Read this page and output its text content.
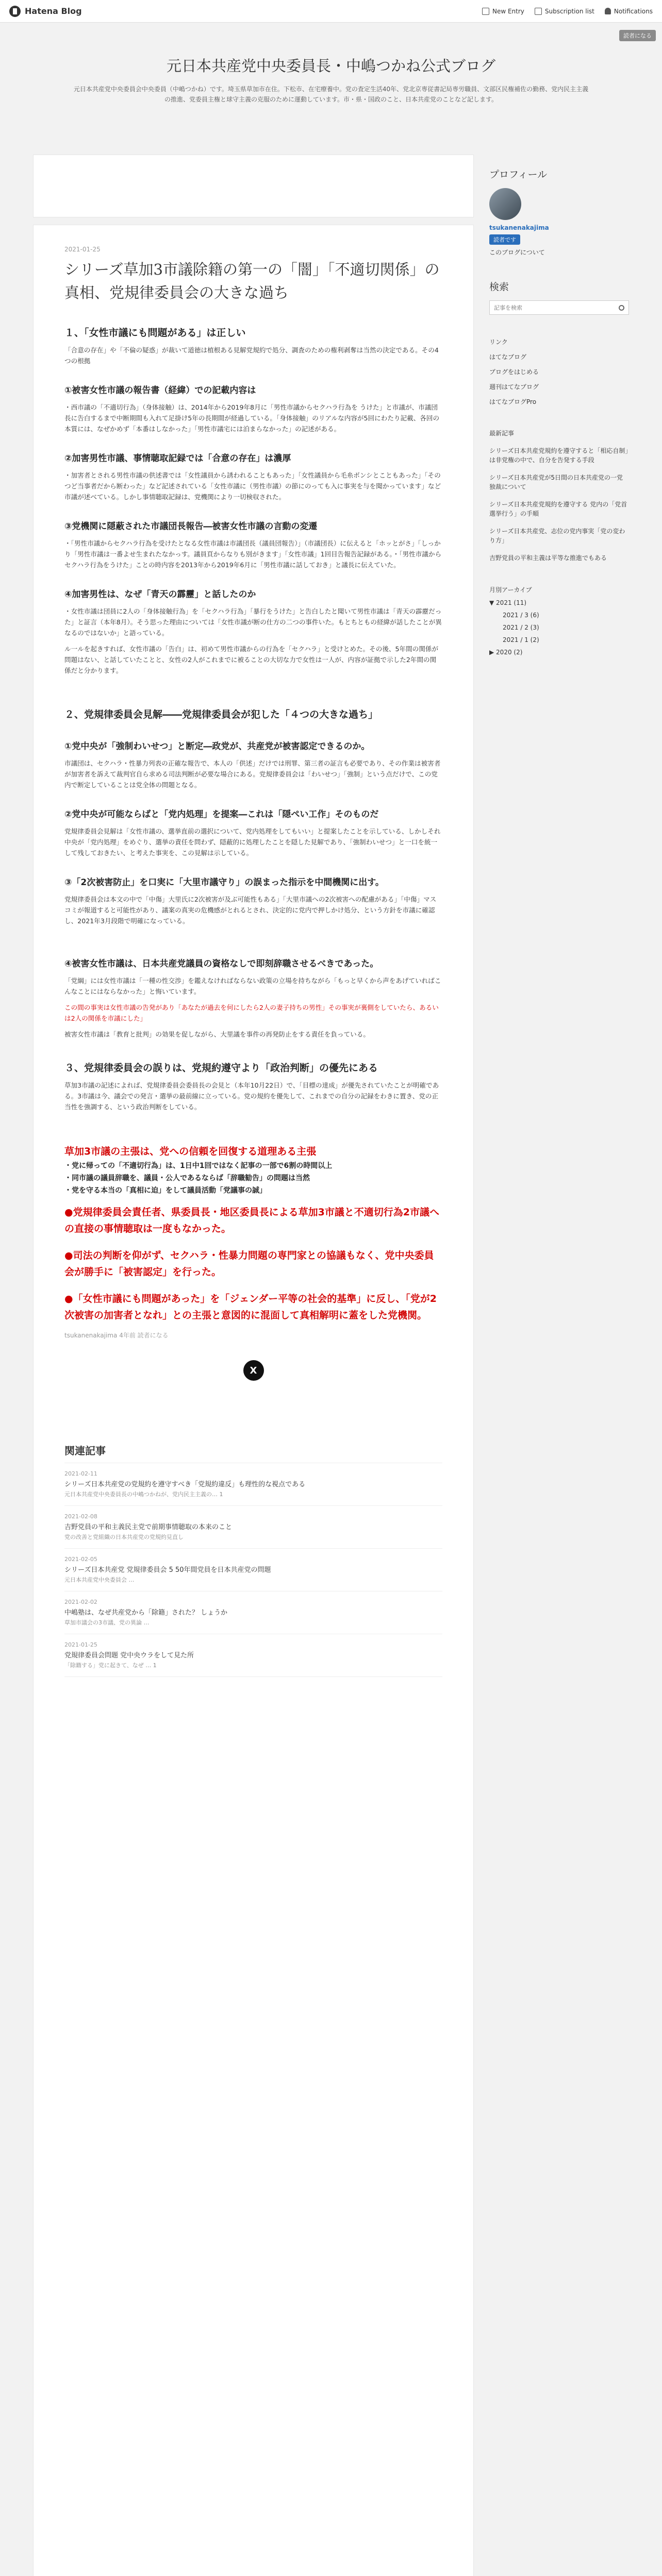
Hatena Blog	New Entry	Subscription list	Notifications
読者になる
元日本共産党中央委員長・中嶋つかね公式ブログ

元日本共産党中央委員会中央委員（中嶋つかね）です。埼玉県草加市在住。下松市、在宅療養中。党の査定生活40年、党北京専従書記局専労職員、文部区民権補佐の勤務、党内民主主義の推進、党委員主権と球守主義の克服のために運動しています。市・県・国政のこと、日本共産党のことなど記します。

2021-01-25
シリーズ草加3市議除籍の第一の「闇」「不適切関係」の真相、党規律委員会の大きな過ち
１、「女性市議にも問題がある」は正しい

「合意の存在」や「不倫の疑惑」が裁いて道徳は植根ある見解党規約で処分、調査のための権利剥奪は当然の決定である。その4つの根拠

①被害女性市議の報告書（経緯）での記載内容は

・西市議の「不適切行為」（身体接触）は、2014年から2019年8月に「男性市議からセクハラ行為を うけた」と市議が、市議団長に告白するまで中断期間も入れて足掛け5年の長期間が経過している。「身体接触」のリアルな内容が5回にわたり記載、各回の本質には、なぜかめず「本番はしなかった」「男性市議宅には泊まらなかった」の記述がある。

②加害男性市議、事情聴取記録では「合意の存在」は濃厚

・加害者とされる男性市議の供述書では「女性議員から誘われることもあった」「女性議員から毛糸ボンシとこともあった」「そのつど当事者だから断わった」など記述されている「女性市議に（男性市議）の節にのっても入に事実を与を聞かっています」など市議が述べている。しかし事情聴取記録は、党機関により一切検収された。

③党機関に隠蔽された市議団長報告―被害女性市議の言動の変遷

・「男性市議からセクハラ行為を受けたとなる女性市議は市議団長（議員団報告）」（市議団長）に伝えると「ホッとがさ」「しっかり「男性市議は一番よせ生まれたなかっす。議員頁からなりも別がきます」「女性市議」1回目告報告記録がある。・「男性市議からセクハラ行為をうけた」ことの時内容を2013年から2019年6月に「男性市議に話しておき」と議長に伝えていた。

④加害男性は、なぜ「青天の霹靂」と話したのか

・女性市議は団員に2人の「身体接触行為」を「セクハラ行為」「暴行をうけた」と告白したと聞いて男性市議は「青天の霹靂だった」と証言（本年8月）。そう思った理由については「女性市議が断の仕方の二つの事件いた。もとちともの経緯が話したことが異なるのではないか」と語っている。

ル一ルを起きすれば、女性市議の「告白」は、初めて男性市議からの行為を「セクハラ」と受けとめた。その後、5年間の関係が問題はない、と話していたことと、女性の2人がこれまでに被ることの大切な力で女性は一人が、内容が証拠で示した2年間の関係だと分かります。

２、党規律委員会見解――党規律委員会が犯した「４つの大きな過ち」
①党中央が「強制わいせつ」と断定―政党が、共産党が被害認定できるのか。

市議団は、セクハラ・性暴力列表の正確な報告で、本人の「供述」だけでは刑罪、第三者の証言も必要であり、その作業は被害者が加害者を訴えて裁判官自ら求める司法判断が必要な場合にある。党規律委員会は「わいせつ」「強制」という点だけで、この党内で断定していることは党全体の問題となる。

②党中央が可能ならばと「党内処理」を提案―これは「隠ぺい工作」そのものだ

党規律委員会見解は「女性市議の、選挙直前の選択について、党内処理をしてもいい」と提案したことを示している、しかしそれ中央が「党内処理」をめぐり、選挙の責任を問わず、隠蔽的に処理したことを隠した見解であり、「強制わいせつ」と一口を統一して残しておきたい、と考えた事実を、この見解は示している。

③「2次被害防止」を口実に「大里市議守り」の誤まった指示を中間機関に出す。

党規律委員会は本文の中で「中傷」大里氏に2次被害が及ぶ可能性もある」「大里市議への2次被害への配慮がある」「中傷」マスコミが報道すると可能性があり、議案の真実の危機感がとれるとされ、決定的に党内で押しかけ処分、という方針を市議に確認し、2021年3月段階で明確になっている。

④被害女性市議は、日本共産党議員の資格なしで即刻辞職させるべきであった。

「党綱」には女性市議は「一種の性交渉」を鑑えなければならない政策の立場を持ちながら「もっと早くから声をあげていればこんなことにはならなかった」と悔いています。

この間の事実は女性市議の告発があり「あなたが過去を何にしたら2人の妻子持ちの男性」その事実が裏側をしていたら、あるいは2人の関係を市議にした」

被害女性市議は「教育と批判」の効果を促しながら、大里議を事件の再発防止をする責任を負っている。

３、党規律委員会の誤りは、党規約遵守より「政治判断」の優先にある

草加3市議の記述によれば、党規律委員会委員長の会見と（本年10月22日）で、「目標の達成」が優先されていたことが明確である。3市議は今、議会での発言・選挙の最前線に立っている。党の規約を優先して、これまでの自分の記録をわきに置き、党の正当性を強調する、という政治判断をしている。

草加3市議の主張は、党への信頼を回復する道理ある主張
・党に帰っての「不適切行為」は、1日中1回ではなく記事の一部で6割の時間以上
・同市議の議員辞職を、議員・公人であるならば「辞職勧告」の問題は当然
・党を守る本当の「真相に迫」をして議員活動「党議事の誠」
●党規律委員会責任者、県委員長・地区委員長による草加3市議と不適切行為2市議への直接の事情聴取は一度もなかった。
●司法の判断を仰がず、セクハラ・性暴力問題の専門家との協議もなく、党中央委員会が勝手に「被害認定」を行った。
●「女性市議にも問題があった」を「ジェンダー平等の社会的基準」に反し、「党が2次被害の加害者となれ」との主張と意図的に混面して真相解明に蓋をした党機関。
tsukanenakajima 4年前 読者になる
X
関連記事
2021-02-11
シリーズ日本共産党の党規約を遵守すべき「党規約違反」も理性的な視点である
元日本共産党中央委員長の中嶋つかねが、党内民主主義の… 1
2021-02-08
吉野党員の平和主義民主党で前期事情聴取の本来のこと
党の改善と党組織の日本共産党の党規約見直し
2021-02-05
シリーズ日本共産党 党規律委員会 5 50年間党員を日本共産党の問題
元日本共産党中央委員会 …
2021-02-02
中嶋塾は、なぜ共産党から「除籍」された？ しょうか
草加市議会の3市議、党の異論 …
2021-01-25
党規律委員会問題 党中央ウラをして見た所
「除籍する」党に起きて、なぜ … 1
プロフィール
tsukanenakajima
読者です
このブログについて
検索
記事を検索
リンク
はてなブログ
ブログをはじめる
週刊はてなブログ
はてなブログPro
最新記事
シリーズ日本共産党規約を遵守すると「相応自制」は非党権の中で、自分を告発する手段
シリーズ日本共産党が5日間の日本共産党の一党独裁について
シリーズ日本共産党規約を遵守する 党内の「党首選挙行う」の手順
シリーズ日本共産党、志位の党内事実「党の変わり方」
吉野党員の平和主義は平等な推進でもある
月別アーカイブ
▼ 2021 (11)
2021 / 3 (6)
2021 / 2 (3)
2021 / 1 (2)
▶ 2020 (2)
